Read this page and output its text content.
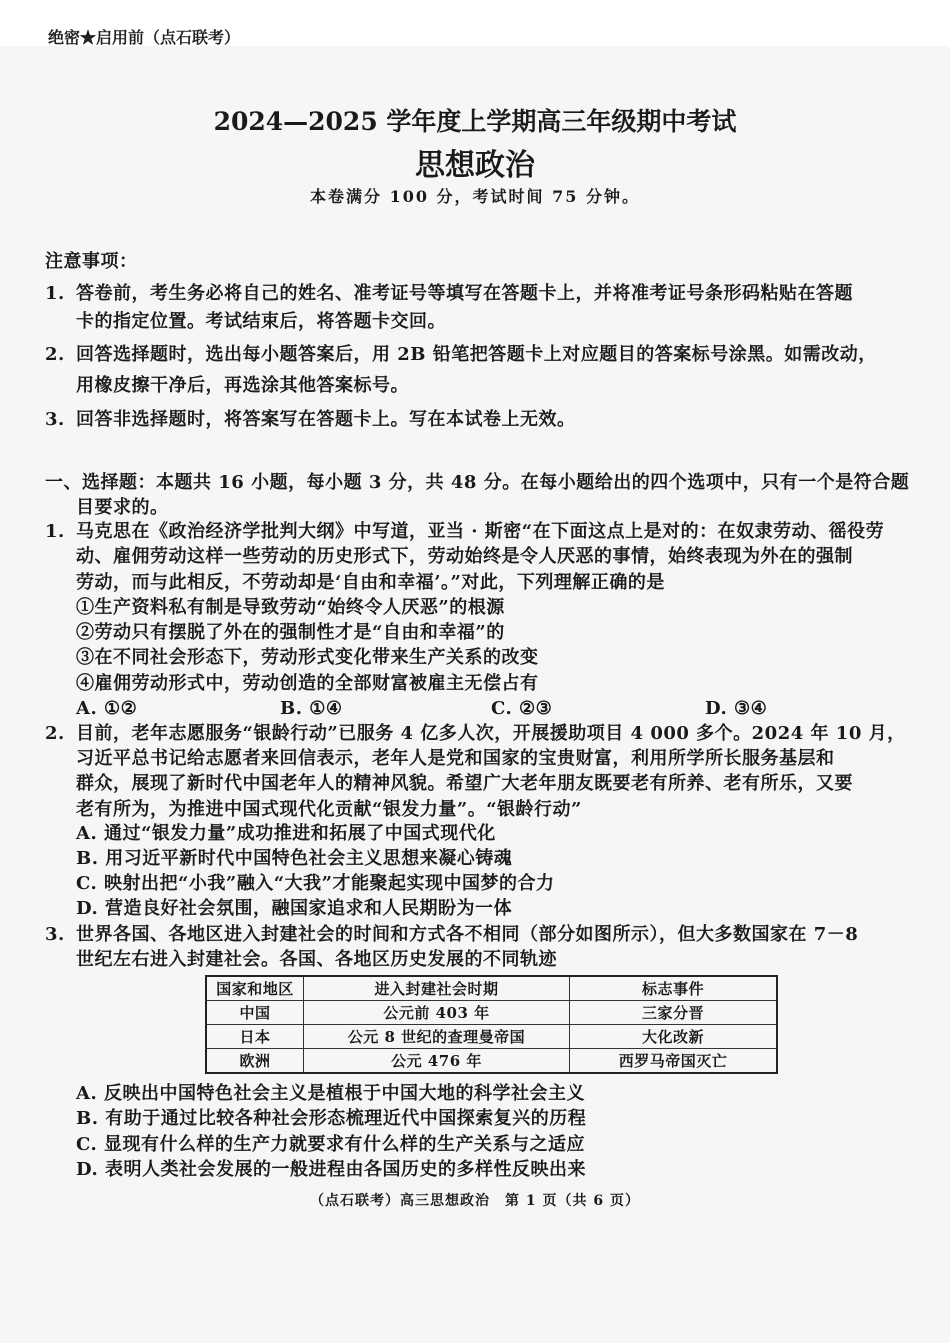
绝密★启用前（点石联考）
2024—2025 学年度上学期高三年级期中考试
思想政治
本卷满分 100 分，考试时间 75 分钟。
注意事项：
1. 答卷前，考生务必将自己的姓名、准考证号等填写在答题卡上，并将准考证号条形码粘贴在答题
卡的指定位置。考试结束后，将答题卡交回。
2. 回答选择题时，选出每小题答案后，用 2B 铅笔把答题卡上对应题目的答案标号涂黑。如需改动，
用橡皮擦干净后，再选涂其他答案标号。
3. 回答非选择题时，将答案写在答题卡上。写在本试卷上无效。
一、选择题：本题共 16 小题，每小题 3 分，共 48 分。在每小题给出的四个选项中，只有一个是符合题
目要求的。
1. 马克思在《政治经济学批判大纲》中写道，亚当 · 斯密“在下面这点上是对的：在奴隶劳动、徭役劳
动、雇佣劳动这样一些劳动的历史形式下，劳动始终是令人厌恶的事情，始终表现为外在的强制
劳动，而与此相反，不劳动却是‘自由和幸福’。”对此，下列理解正确的是
①生产资料私有制是导致劳动“始终令人厌恶”的根源
②劳动只有摆脱了外在的强制性才是“自由和幸福”的
③在不同社会形态下，劳动形式变化带来生产关系的改变
④雇佣劳动形式中，劳动创造的全部财富被雇主无偿占有
A. ①②	B. ①④	C. ②③	D. ③④
2. 目前，老年志愿服务“银龄行动”已服务 4 亿多人次，开展援助项目 4 000 多个。2024 年 10 月，
习近平总书记给志愿者来回信表示，老年人是党和国家的宝贵财富，利用所学所长服务基层和
群众，展现了新时代中国老年人的精神风貌。希望广大老年朋友既要老有所养、老有所乐，又要
老有所为，为推进中国式现代化贡献“银发力量”。“银龄行动”
A. 通过“银发力量”成功推进和拓展了中国式现代化
B. 用习近平新时代中国特色社会主义思想来凝心铸魂
C. 映射出把“小我”融入“大我”才能聚起实现中国梦的合力
D. 营造良好社会氛围，融国家追求和人民期盼为一体
3. 世界各国、各地区进入封建社会的时间和方式各不相同（部分如图所示），但大多数国家在 7－8
世纪左右进入封建社会。各国、各地区历史发展的不同轨迹
国家和地区	进入封建社会时期	标志事件
中国	公元前 403 年	三家分晋
日本	公元 8 世纪的查理曼帝国	大化改新
欧洲	公元 476 年	西罗马帝国灭亡
A. 反映出中国特色社会主义是植根于中国大地的科学社会主义
B. 有助于通过比较各种社会形态梳理近代中国探索复兴的历程
C. 显现有什么样的生产力就要求有什么样的生产关系与之适应
D. 表明人类社会发展的一般进程由各国历史的多样性反映出来
（点石联考）高三思想政治　第 1 页（共 6 页）
